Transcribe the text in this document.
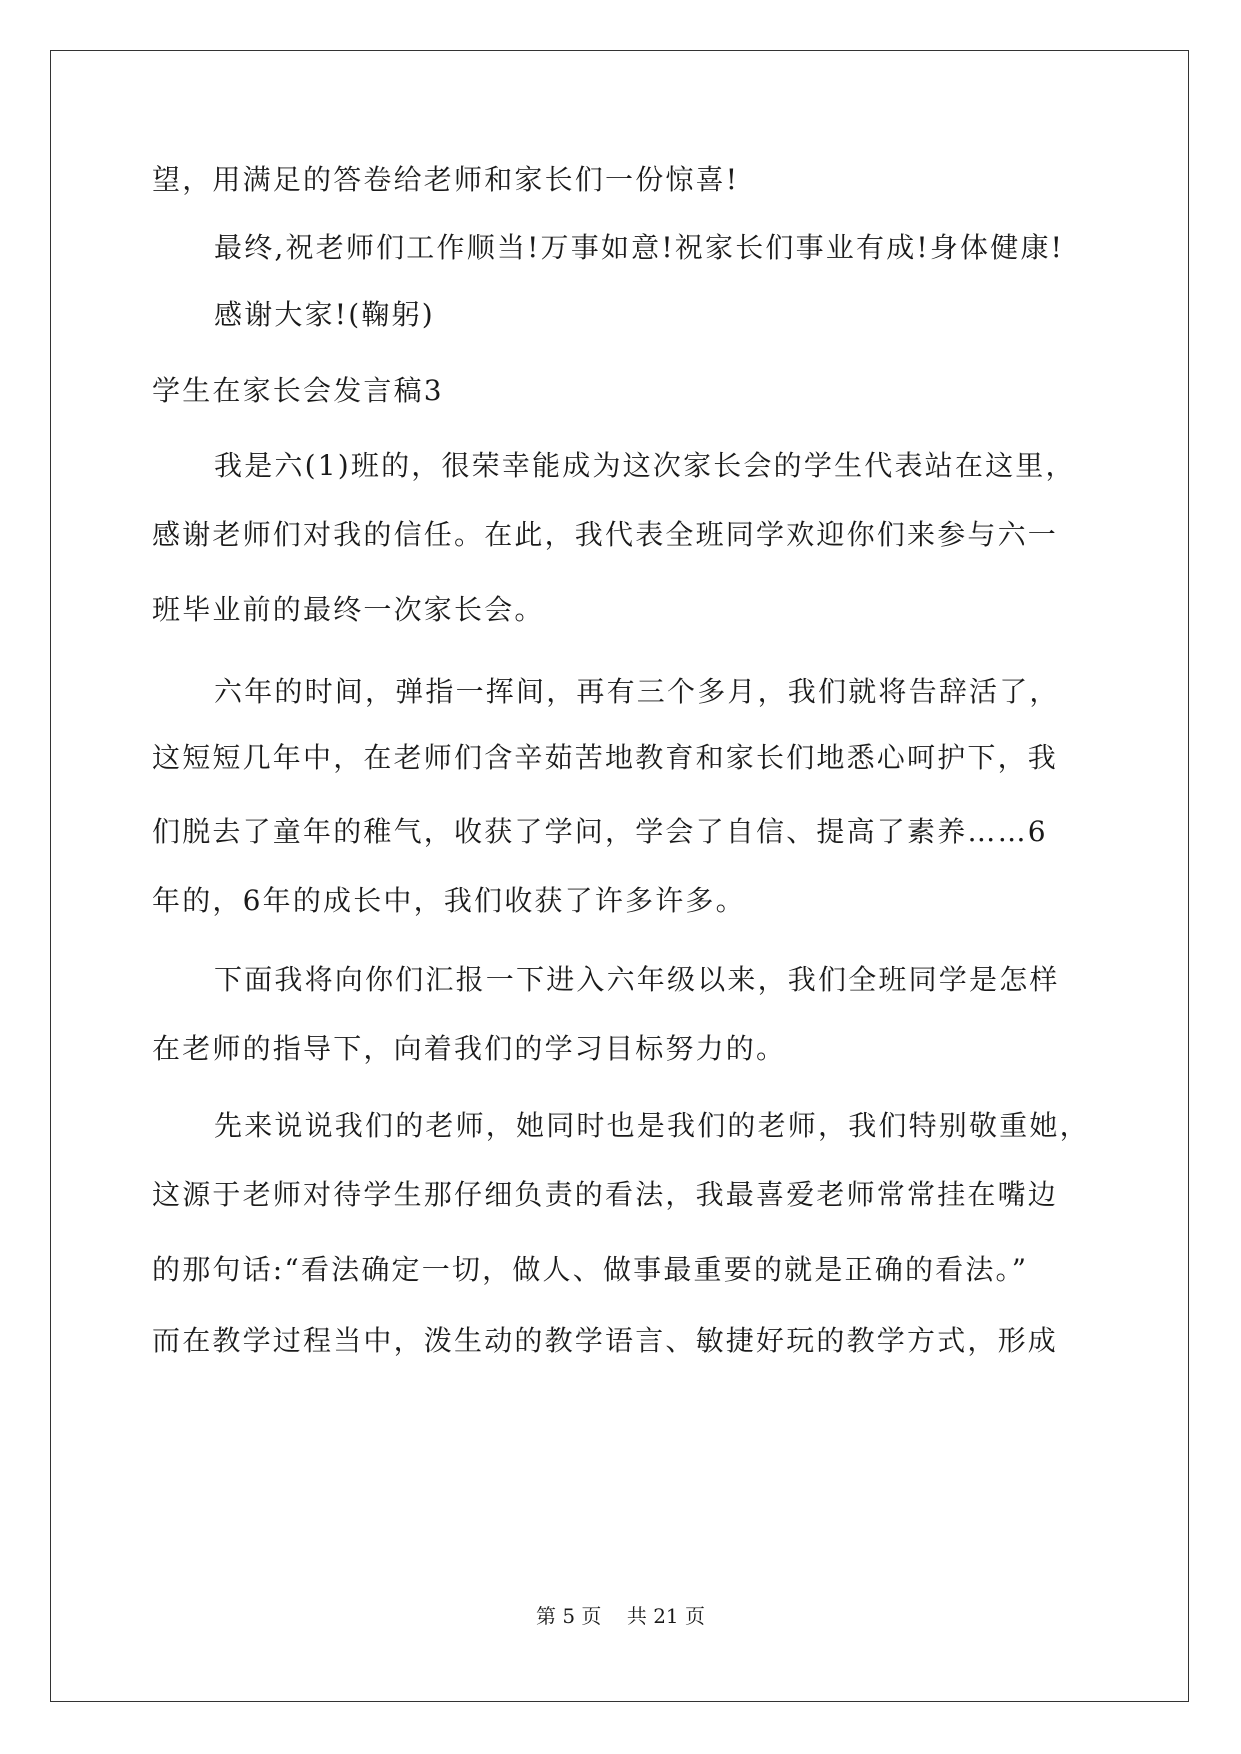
望，用满足的答卷给老师和家长们一份惊喜!
最终,祝老师们工作顺当!万事如意!祝家长们事业有成!身体健康!
感谢大家!(鞠躬)
学生在家长会发言稿3
我是六(1)班的，很荣幸能成为这次家长会的学生代表站在这里，
感谢老师们对我的信任。在此，我代表全班同学欢迎你们来参与六一
班毕业前的最终一次家长会。
六年的时间，弹指一挥间，再有三个多月，我们就将告辞活了，
这短短几年中，在老师们含辛茹苦地教育和家长们地悉心呵护下，我
们脱去了童年的稚气，收获了学问，学会了自信、提高了素养……6
年的，6年的成长中，我们收获了许多许多。
下面我将向你们汇报一下进入六年级以来，我们全班同学是怎样
在老师的指导下，向着我们的学习目标努力的。
先来说说我们的老师，她同时也是我们的老师，我们特别敬重她，
这源于老师对待学生那仔细负责的看法，我最喜爱老师常常挂在嘴边
的那句话:“看法确定一切，做人、做事最重要的就是正确的看法。”
而在教学过程当中，泼生动的教学语言、敏捷好玩的教学方式，形成
第 5 页    共 21 页
